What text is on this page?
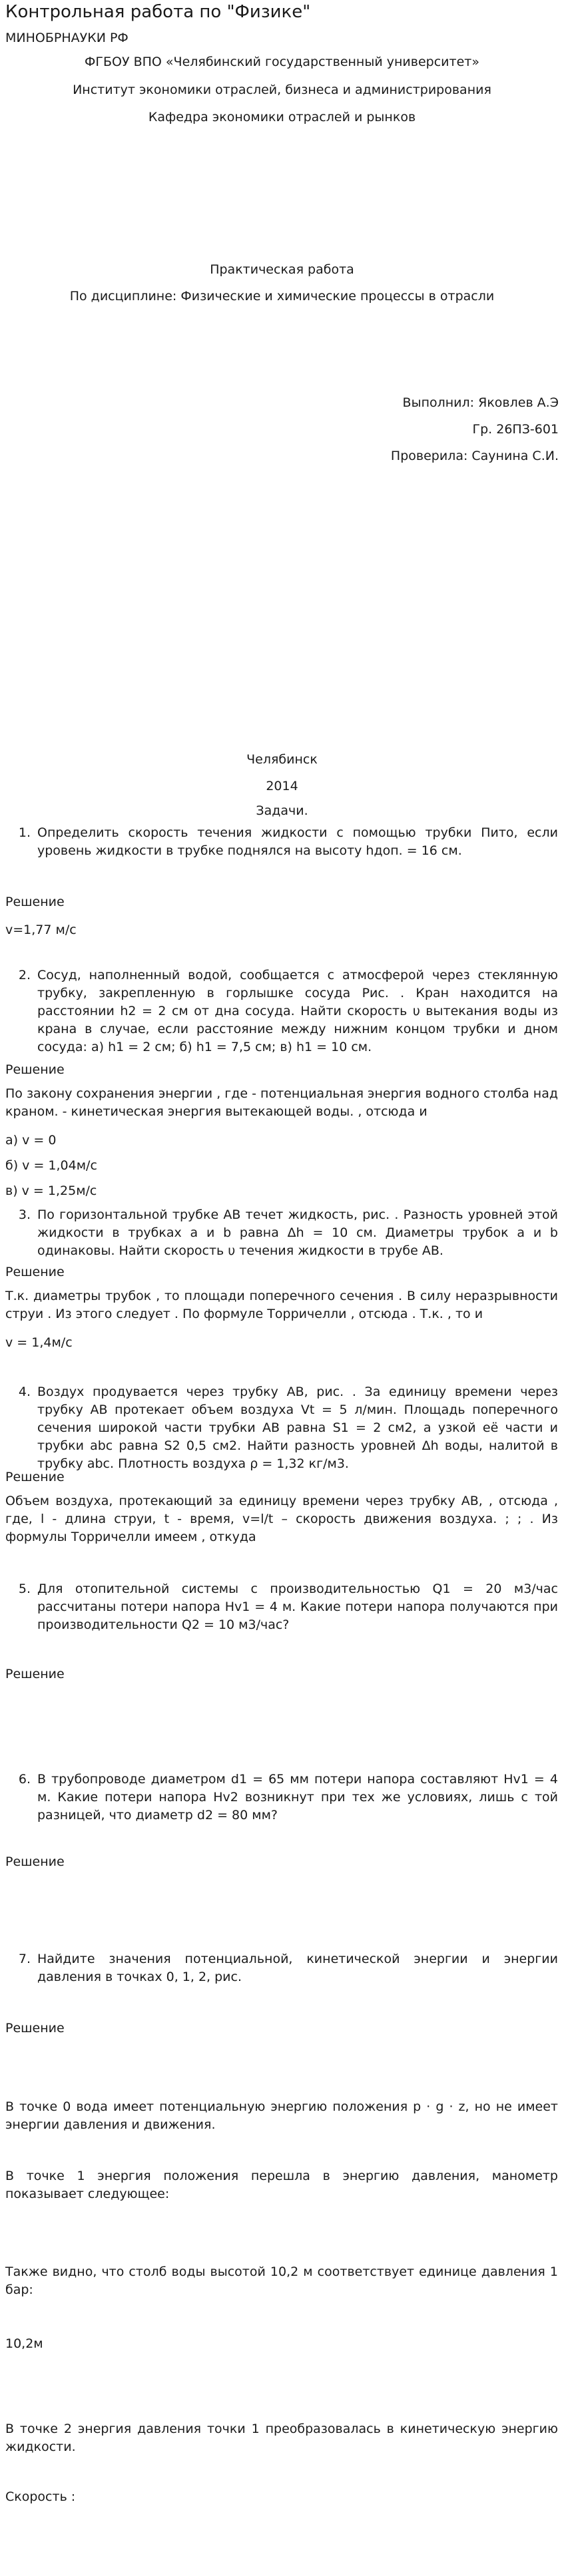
Контрольная работа по "Физике"
МИНОБРНАУКИ РФ
ФГБОУ ВПО «Челябинский государственный университет»
Институт экономики отраслей, бизнеса и администрирования
Кафедра экономики отраслей и рынков
Практическая работа
По дисциплине: Физические и химические процессы в отрасли
Выполнил: Яковлев А.Э
Гр. 26ПЗ-601
Проверила: Саунина С.И.
Челябинск
2014
Задачи.
1. Определить скорость течения жидкости с помощью трубки Пито, если уровень жидкости в трубке поднялся на высоту hдоп. = 16 см.
Решение
v=1,77 м/с
2. Сосуд, наполненный водой, сообщается с атмосферой через стеклянную трубку, закрепленную в горлышке сосуда Рис. . Кран находится на расстоянии h2 = 2 см от дна сосуда. Найти скорость υ вытекания воды из крана в случае, если расстояние между нижним концом трубки и дном сосуда: а) h1 = 2 см; б) h1 = 7,5 см; в) h1 = 10 см.
Решение
По закону сохранения энергии , где - потенциальная энергия водного столба над краном. - кинетическая энергия вытекающей воды. , отсюда и
а) v = 0
б) v = 1,04м/с
в) v = 1,25м/с
3. По горизонтальной трубке АВ течет жидкость, рис. . Разность уровней этой жидкости в трубках а и b равна Δh = 10 см. Диаметры трубок а и b одинаковы. Найти скорость υ течения жидкости в трубе АВ.
Решение
Т.к. диаметры трубок , то площади поперечного сечения . В силу неразрывности струи . Из этого следует . По формуле Торричелли , отсюда . Т.к. , то и
v = 1,4м/с
4. Воздух продувается через трубку АВ, рис. . За единицу времени через трубку АВ протекает объем воздуха Vt = 5 л/мин. Площадь поперечного сечения широкой части трубки АВ равна S1 = 2 см2, а узкой её части и трубки abc равна S2 0,5 см2. Найти разность уровней Δh воды, налитой в трубку abc. Плотность воздуха ρ = 1,32 кг/м3.
Решение
Объем воздуха, протекающий за единицу времени через трубку АВ, , отсюда , где, l - длина струи, t - время, v=l/t – скорость движения воздуха. ; ; . Из формулы Торричелли имеем , откуда
5. Для отопительной системы с производительностью Q1 = 20 м3/час рассчитаны потери напора Hv1 = 4 м. Какие потери напора получаются при производительности Q2 = 10 м3/час?
Решение
6. В трубопроводе диаметром d1 = 65 мм потери напора составляют Hv1 = 4 м. Какие потери напора Hv2 возникнут при тех же условиях, лишь с той разницей, что диаметр d2 = 80 мм?
Решение
7. Найдите значения потенциальной, кинетической энергии и энергии давления в точках 0, 1, 2, рис.
Решение
В точке 0 вода имеет потенциальную энергию положения p · g · z, но не имеет энергии давления и движения.
В точке 1 энергия положения перешла в энергию давления, манометр показывает следующее:
Также видно, что столб воды высотой 10,2 м соответствует единице давления 1 бар:
10,2м
В точке 2 энергия давления точки 1 преобразовалась в кинетическую энергию жидкости.
Скорость :
